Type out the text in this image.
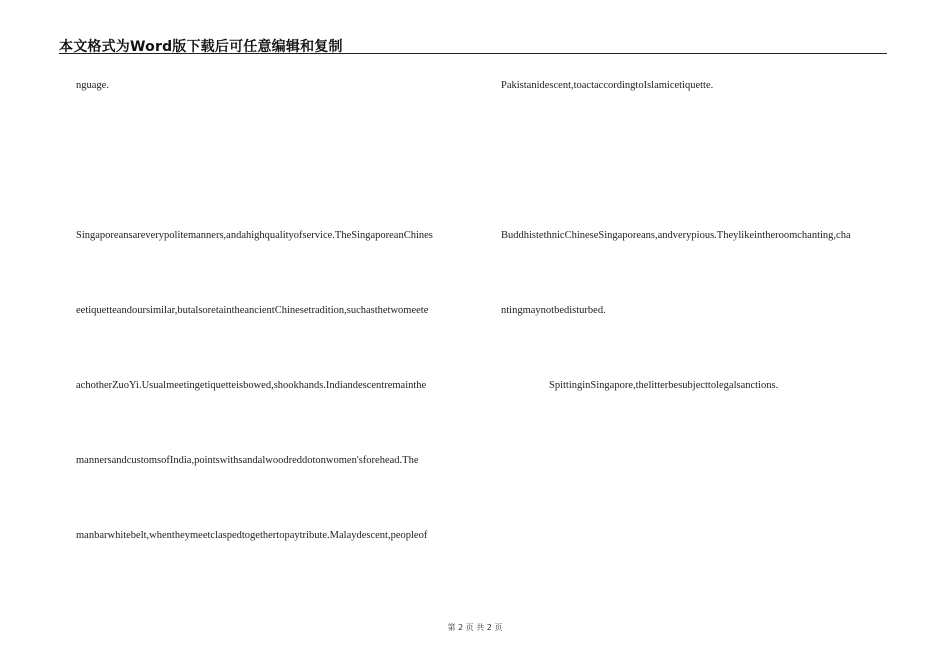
本文格式为Word版下载后可任意编辑和复制
nguage.
Singaporeansareverypolitemanners,andahighqualityofservice.TheSingaporeanChines
eetiquetteandoursimilar,butalsoretaintheancientChinesetradition,suchasthetwomeete
achotherZuoYi.Usualmeetingetiquetteisbowed,shookhands.Indiandescentremainthe
mannersandcustomsofIndia,pointswithsandalwoodreddotonwomen'sforehead.The
manbarwhitebelt,whentheymeetclaspedtogethertopaytribute.Malaydescent,peopleof
Pakistanidescent,toactaccordingtoIslamicetiquette.
BuddhistethnicChineseSingaporeans,andverypious.Theylikeintheroomchanting,cha
ntingmaynotbedisturbed.
SpittinginSingapore,thelitterbesubjecttolegalsanctions.
第 2 页 共 2 页
